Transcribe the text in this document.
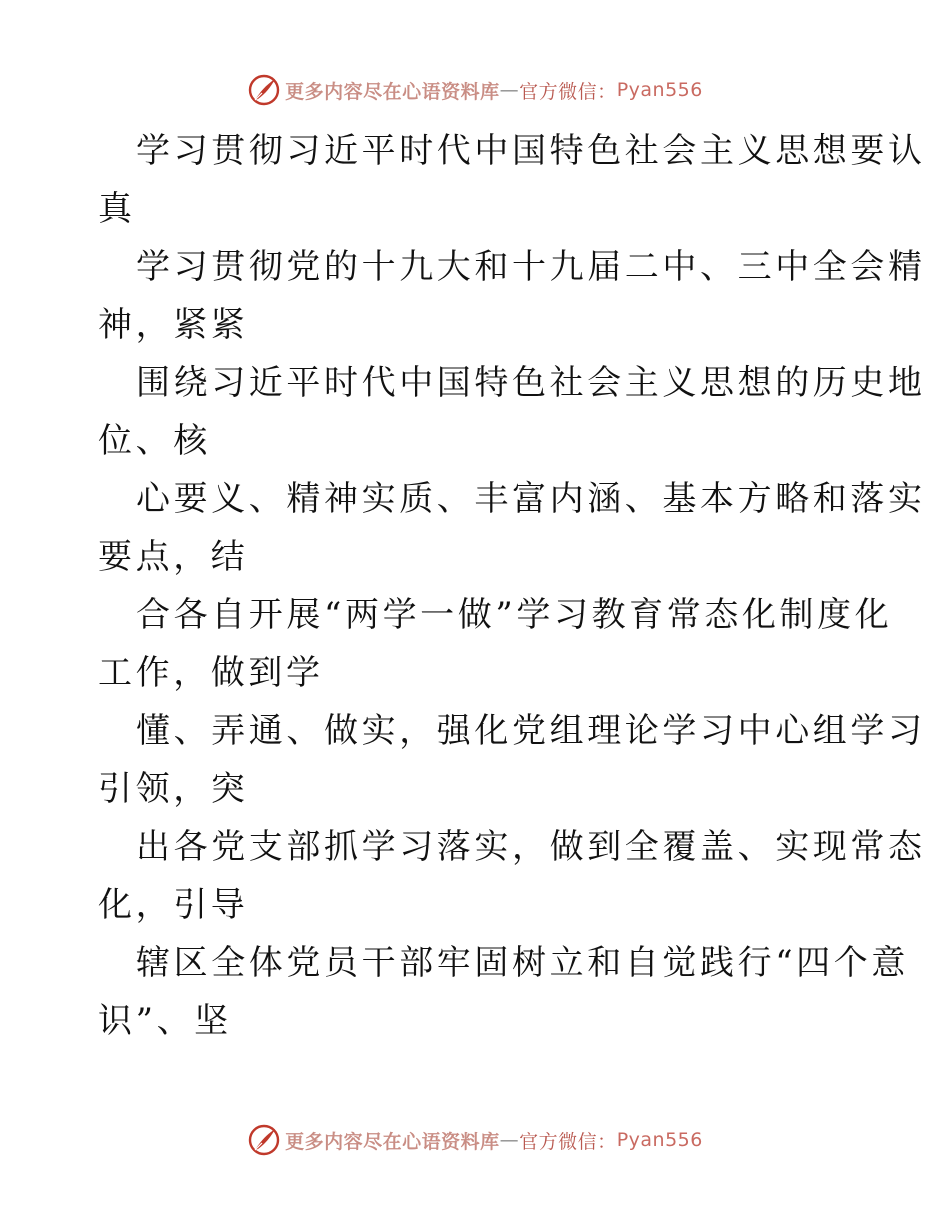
更多内容尽在心语资料库 — 官方微信： Pyan556
学习贯彻习近平时代中国特色社会主义思想要认
真
学习贯彻党的十九大和十九届二中、三中全会精
神，紧紧
围绕习近平时代中国特色社会主义思想的历史地
位、核
心要义、精神实质、丰富内涵、基本方略和落实
要点，结
合各自开展“两学一做”学习教育常态化制度化
工作，做到学
懂、弄通、做实，强化党组理论学习中心组学习
引领，突
出各党支部抓学习落实，做到全覆盖、实现常态
化，引导
辖区全体党员干部牢固树立和自觉践行“四个意
识”、坚
更多内容尽在心语资料库 — 官方微信： Pyan556
